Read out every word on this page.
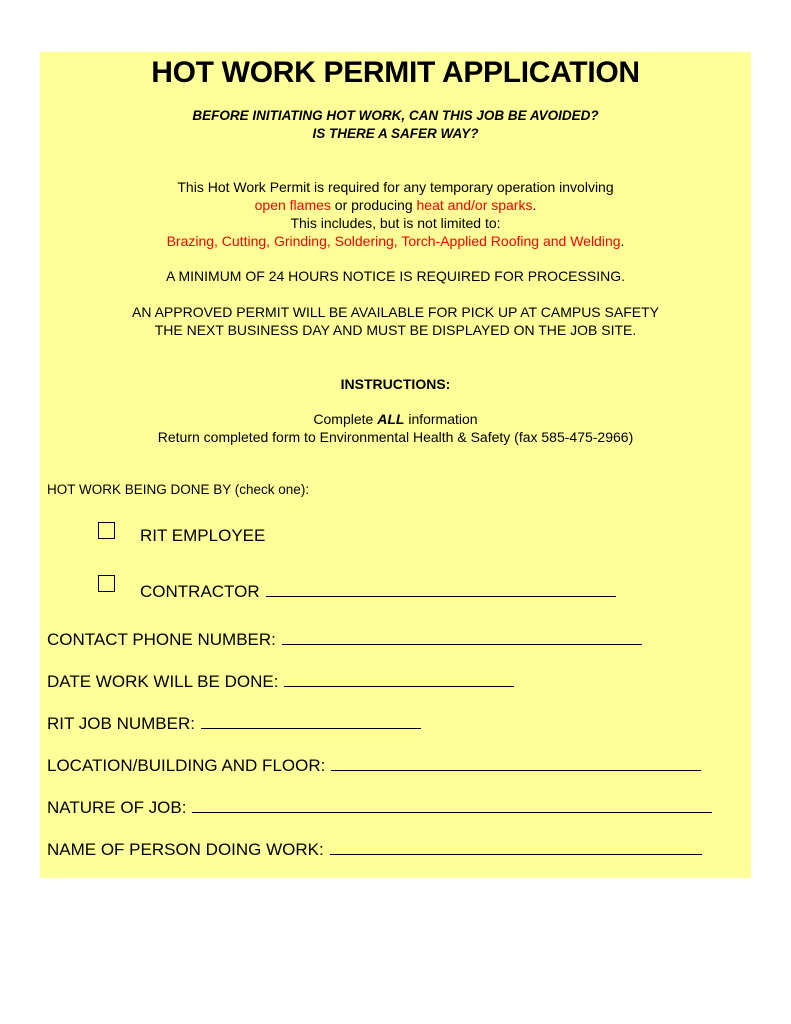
HOT WORK PERMIT APPLICATION
BEFORE INITIATING HOT WORK, CAN THIS JOB BE AVOIDED?
IS THERE A SAFER WAY?
This Hot Work Permit is required for any temporary operation involving
open flames or producing heat and/or sparks.
This includes, but is not limited to:
Brazing, Cutting, Grinding, Soldering, Torch-Applied Roofing and Welding.
A MINIMUM OF 24 HOURS NOTICE IS REQUIRED FOR PROCESSING.
AN APPROVED PERMIT WILL BE AVAILABLE FOR PICK UP AT CAMPUS SAFETY
THE NEXT BUSINESS DAY AND MUST BE DISPLAYED ON THE JOB SITE.
INSTRUCTIONS:
Complete ALL information
Return completed form to Environmental Health & Safety (fax 585-475-2966)
HOT WORK BEING DONE BY (check one):
RIT EMPLOYEE
CONTRACTOR
CONTACT PHONE NUMBER:
DATE WORK WILL BE DONE:
RIT JOB NUMBER:
LOCATION/BUILDING AND FLOOR:
NATURE OF JOB:
NAME OF PERSON DOING WORK:
